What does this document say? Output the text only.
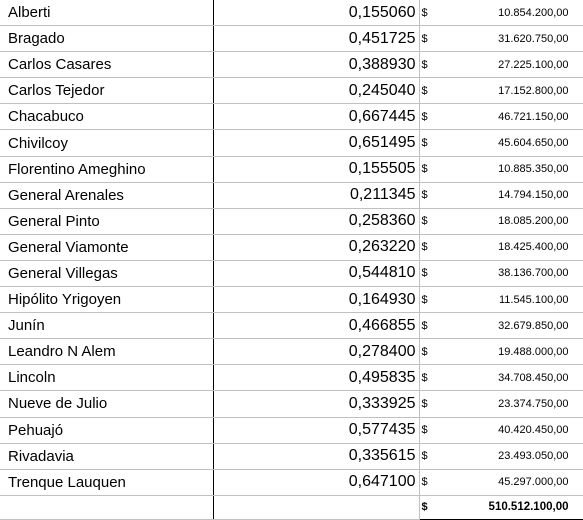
Alberti	0,155060	$	10.854.200,00
Bragado	0,451725	$	31.620.750,00
Carlos Casares	0,388930	$	27.225.100,00
Carlos Tejedor	0,245040	$	17.152.800,00
Chacabuco	0,667445	$	46.721.150,00
Chivilcoy	0,651495	$	45.604.650,00
Florentino Ameghino	0,155505	$	10.885.350,00
General Arenales	0,211345	$	14.794.150,00
General Pinto	0,258360	$	18.085.200,00
General Viamonte	0,263220	$	18.425.400,00
General Villegas	0,544810	$	38.136.700,00
Hipólito Yrigoyen	0,164930	$	11.545.100,00
Junín	0,466855	$	32.679.850,00
Leandro N Alem	0,278400	$	19.488.000,00
Lincoln	0,495835	$	34.708.450,00
Nueve de Julio	0,333925	$	23.374.750,00
Pehuajó	0,577435	$	40.420.450,00
Rivadavia	0,335615	$	23.493.050,00
Trenque Lauquen	0,647100	$	45.297.000,00
		$	510.512.100,00
